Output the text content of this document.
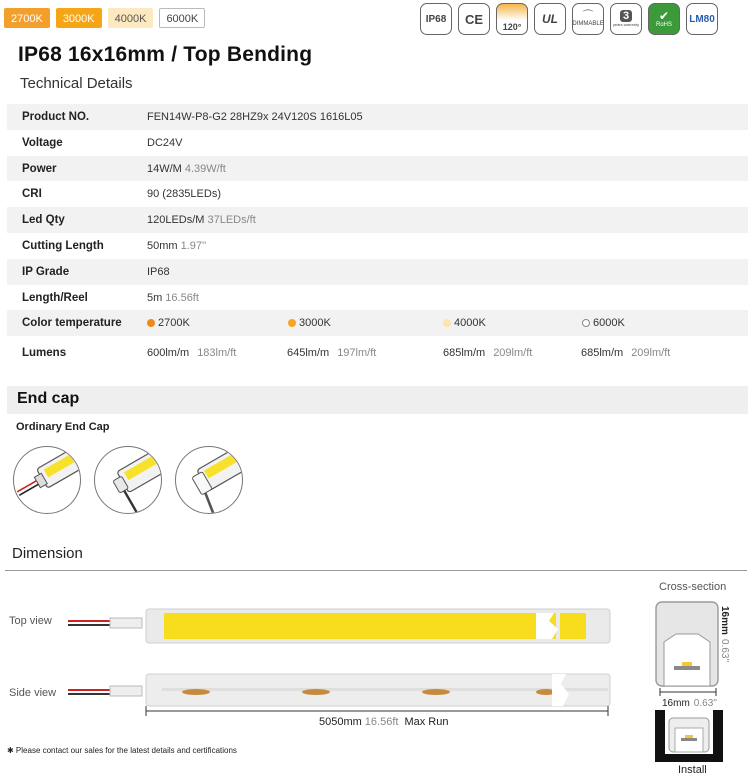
2700K	3000K	4000K	6000K	IP68	CE
120°
UL	⌒
DIMMABLE
3
years warranty
✔
RoHS	LM80
IP68 16x16mm / Top Bending
Technical Details
Product NO.	FEN14W-P8-G2 28HZ9x 24V120S 1616L05
Voltage	DC24V
Power	14W/M 4.39W/ft
CRI	90 (2835LEDs)
Led Qty	120LEDs/M 37LEDs/ft
Cutting Length	50mm 1.97''
IP Grade	IP68
Length/Reel	5m 16.56ft
Color temperature	2700K	3000K	4000K	6000K
Lumens	600lm/m 183lm/ft	645lm/m 197lm/ft	685lm/m 209lm/ft	685lm/m 209lm/ft
End cap
Ordinary End Cap
Dimension
Top view
Side view
5050mm 16.56ft Max Run
Cross-section
16mm 0.63''
16mm0.63''
Install
✱ Please contact our sales for the latest details and certifications
